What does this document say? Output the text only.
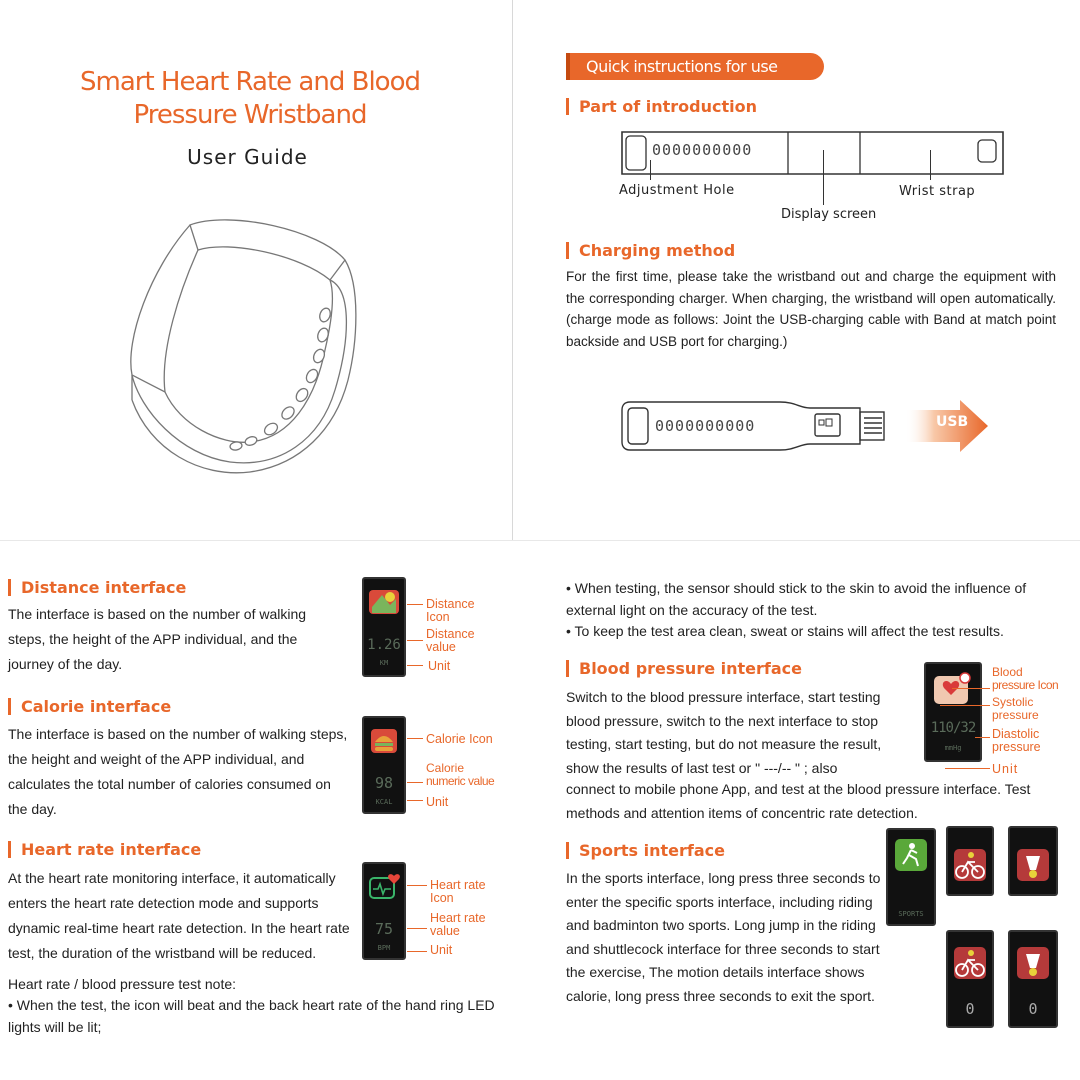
Smart Heart Rate and Blood
Pressure Wristband
User Guide
Quick instructions for use
Part of introduction
0000000000
Adjustment Hole	Wrist strap
Display screen
Charging method
For the first time, please take the wristband out and charge the equipment with the corresponding charger. When charging, the wristband will open automatically. (charge mode as follows: Joint the USB-charging cable with Band at match point backside and USB port for charging.)
0000000000	USB
Distance interface
The interface is based on the number of walking steps, the height of the APP individual, and the journey of the day.
1.26
KM
Distance
Icon
Distance
value
Unit
Calorie interface
The interface is based on the number of walking steps, the height and weight of the APP individual, and calculates the total number of calories consumed on the day.
98
KCAL
Calorie Icon
Calorie
numeric value
Unit
Heart rate interface
At the heart rate monitoring interface, it automatically enters the heart rate detection mode and supports dynamic real-time heart rate detection. In the heart rate test, the duration of the wristband will be reduced.
75
BPM
Heart rate
Icon
Heart rate
value
Unit
Heart rate / blood pressure test note:
• When the test, the icon will beat and the back heart rate of the hand ring LED lights will be lit;
• When testing, the sensor should stick to the skin to avoid the influence of external light on the accuracy of the test.
• To keep the test area clean, sweat or stains will affect the test results.
Blood pressure interface
Switch to the blood pressure interface, start testing blood pressure, switch to the next interface to stop testing, start testing, but do not measure the result, show the results of last test or " ---/-- " ; also
connect to mobile phone App, and test at the blood pressure interface. Test methods and attention items of concentric rate detection.
110/32
mmHg
Blood
pressure Icon
Systolic
pressure
Diastolic
pressure
Unit
Sports interface
In the sports interface, long press three seconds to enter the specific sports interface, including riding and badminton two sports. Long jump in the riding and shuttlecock interface for three seconds to start the exercise, The motion details interface shows calorie, long press three seconds to exit the sport.
SPORTS
0	0
